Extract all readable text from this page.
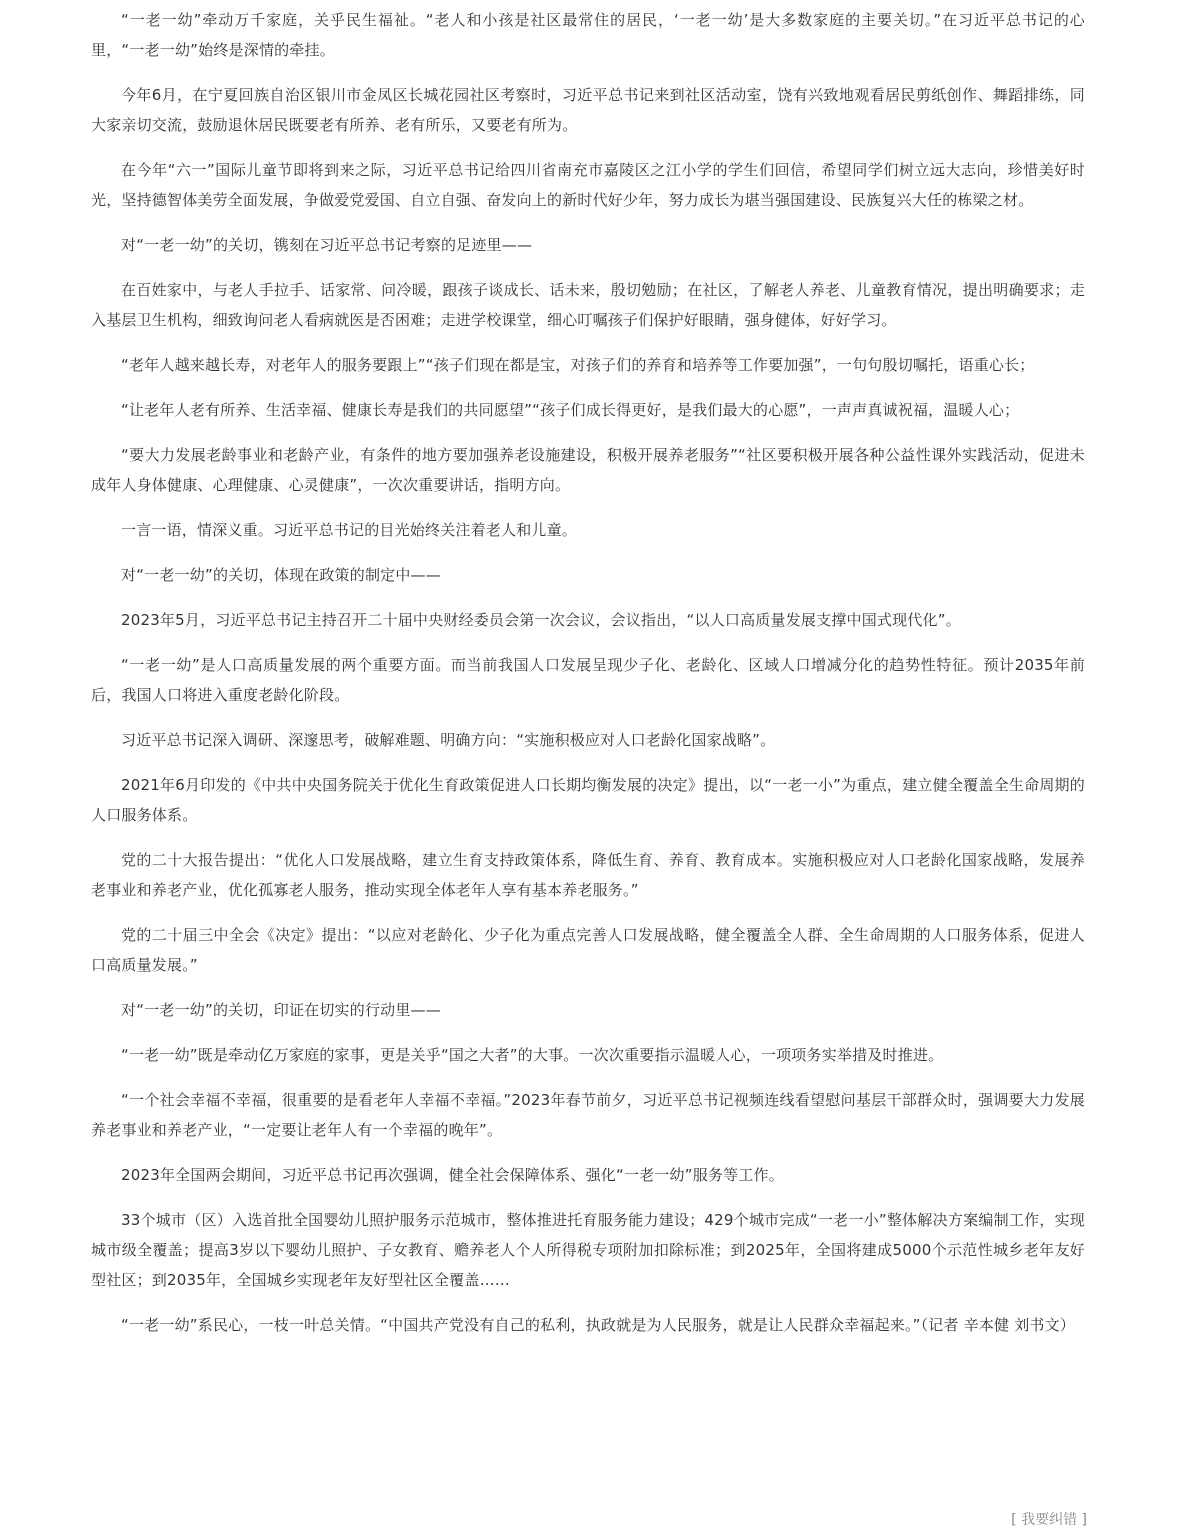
“一老一幼”牵动万千家庭，关乎民生福祉。“老人和小孩是社区最常住的居民，‘一老一幼’是大多数家庭的主要关切。”在习近平总书记的心里，“一老一幼”始终是深情的牵挂。

今年6月，在宁夏回族自治区银川市金凤区长城花园社区考察时，习近平总书记来到社区活动室，饶有兴致地观看居民剪纸创作、舞蹈排练，同大家亲切交流，鼓励退休居民既要老有所养、老有所乐，又要老有所为。

在今年“六一”国际儿童节即将到来之际，习近平总书记给四川省南充市嘉陵区之江小学的学生们回信，希望同学们树立远大志向，珍惜美好时光，坚持德智体美劳全面发展，争做爱党爱国、自立自强、奋发向上的新时代好少年，努力成长为堪当强国建设、民族复兴大任的栋梁之材。

对“一老一幼”的关切，镌刻在习近平总书记考察的足迹里——

在百姓家中，与老人手拉手、话家常、问冷暖，跟孩子谈成长、话未来，殷切勉励；在社区，了解老人养老、儿童教育情况，提出明确要求；走入基层卫生机构，细致询问老人看病就医是否困难；走进学校课堂，细心叮嘱孩子们保护好眼睛，强身健体，好好学习。

“老年人越来越长寿，对老年人的服务要跟上”“孩子们现在都是宝，对孩子们的养育和培养等工作要加强”，一句句殷切嘱托，语重心长；

“让老年人老有所养、生活幸福、健康长寿是我们的共同愿望”“孩子们成长得更好，是我们最大的心愿”，一声声真诚祝福，温暖人心；

“要大力发展老龄事业和老龄产业，有条件的地方要加强养老设施建设，积极开展养老服务”“社区要积极开展各种公益性课外实践活动，促进未成年人身体健康、心理健康、心灵健康”，一次次重要讲话，指明方向。

一言一语，情深义重。习近平总书记的目光始终关注着老人和儿童。

对“一老一幼”的关切，体现在政策的制定中——

2023年5月，习近平总书记主持召开二十届中央财经委员会第一次会议，会议指出，“以人口高质量发展支撑中国式现代化”。

“一老一幼”是人口高质量发展的两个重要方面。而当前我国人口发展呈现少子化、老龄化、区域人口增减分化的趋势性特征。预计2035年前后，我国人口将进入重度老龄化阶段。

习近平总书记深入调研、深邃思考，破解难题、明确方向：“实施积极应对人口老龄化国家战略”。

2021年6月印发的《中共中央国务院关于优化生育政策促进人口长期均衡发展的决定》提出，以“一老一小”为重点，建立健全覆盖全生命周期的人口服务体系。

党的二十大报告提出：“优化人口发展战略，建立生育支持政策体系，降低生育、养育、教育成本。实施积极应对人口老龄化国家战略，发展养老事业和养老产业，优化孤寡老人服务，推动实现全体老年人享有基本养老服务。”

党的二十届三中全会《决定》提出：“以应对老龄化、少子化为重点完善人口发展战略，健全覆盖全人群、全生命周期的人口服务体系，促进人口高质量发展。”

对“一老一幼”的关切，印证在切实的行动里——

“一老一幼”既是牵动亿万家庭的家事，更是关乎“国之大者”的大事。一次次重要指示温暖人心，一项项务实举措及时推进。

“一个社会幸福不幸福，很重要的是看老年人幸福不幸福。”2023年春节前夕，习近平总书记视频连线看望慰问基层干部群众时，强调要大力发展养老事业和养老产业，“一定要让老年人有一个幸福的晚年”。

2023年全国两会期间，习近平总书记再次强调，健全社会保障体系、强化“一老一幼”服务等工作。

33个城市（区）入选首批全国婴幼儿照护服务示范城市，整体推进托育服务能力建设；429个城市完成“一老一小”整体解决方案编制工作，实现城市级全覆盖；提高3岁以下婴幼儿照护、子女教育、赡养老人个人所得税专项附加扣除标准；到2025年，全国将建成5000个示范性城乡老年友好型社区；到2035年，全国城乡实现老年友好型社区全覆盖……

“一老一幼”系民心，一枝一叶总关情。“中国共产党没有自己的私利，执政就是为人民服务，就是让人民群众幸福起来。”（记者 辛本健 刘书文）

[ 我要纠错 ]
